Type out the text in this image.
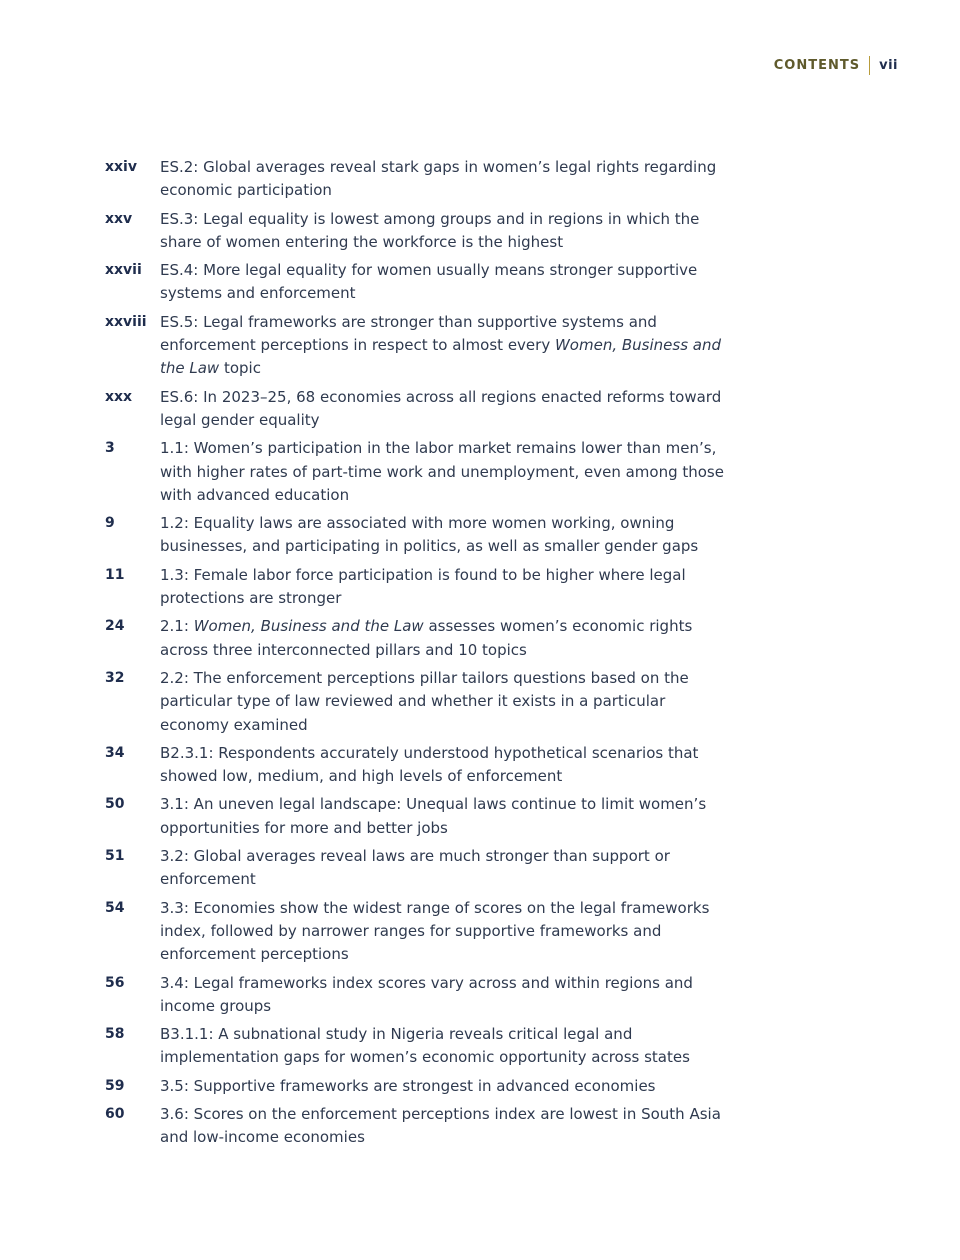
CONTENTS vii
xxiv	ES.2: Global averages reveal stark gaps in women’s legal rights regarding economic participation
xxv	ES.3: Legal equality is lowest among groups and in regions in which the share of women entering the workforce is the highest
xxvii	ES.4: More legal equality for women usually means stronger supportive systems and enforcement
xxviii ES.5: Legal frameworks are stronger than supportive systems and enforcement perceptions in respect to almost every Women, Business and the Law topic
xxx	ES.6: In 2023–25, 68 economies across all regions enacted reforms toward legal gender equality
3	1.1: Women’s participation in the labor market remains lower than men’s, with higher rates of part-time work and unemployment, even among those with advanced education
9	1.2: Equality laws are associated with more women working, owning businesses, and participating in politics, as well as smaller gender gaps
11	1.3: Female labor force participation is found to be higher where legal protections are stronger
24	2.1: Women, Business and the Law assesses women’s economic rights across three interconnected pillars and 10 topics
32	2.2: The enforcement perceptions pillar tailors questions based on the particular type of law reviewed and whether it exists in a particular economy examined
34	B2.3.1: Respondents accurately understood hypothetical scenarios that showed low, medium, and high levels of enforcement
50	3.1: An uneven legal landscape: Unequal laws continue to limit women’s opportunities for more and better jobs
51	3.2: Global averages reveal laws are much stronger than support or enforcement
54	3.3: Economies show the widest range of scores on the legal frameworks index, followed by narrower ranges for supportive frameworks and enforcement perceptions
56	3.4: Legal frameworks index scores vary across and within regions and income groups
58	B3.1.1: A subnational study in Nigeria reveals critical legal and implementation gaps for women’s economic opportunity across states
59	3.5: Supportive frameworks are strongest in advanced economies
60	3.6: Scores on the enforcement perceptions index are lowest in South Asia and low-income economies
